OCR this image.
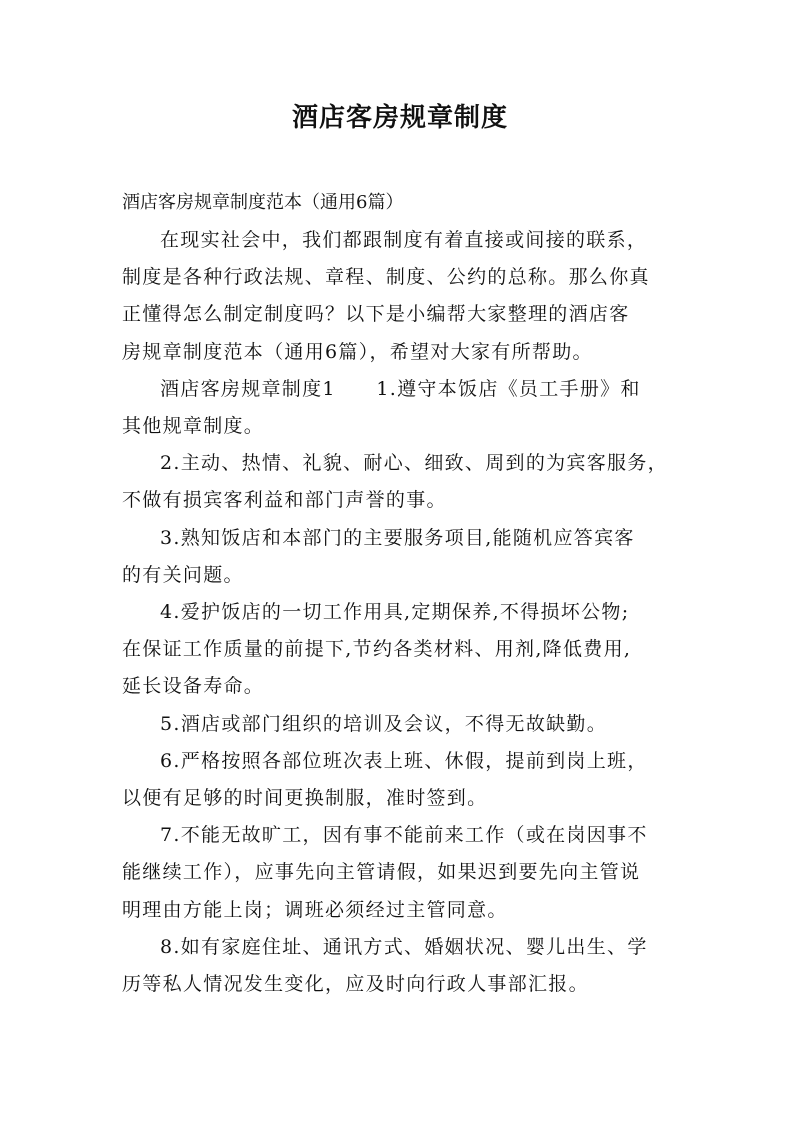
酒店客房规章制度

酒店客房规章制度范本（通用6篇）

在现实社会中，我们都跟制度有着直接或间接的联系，
制度是各种行政法规、章程、制度、公约的总称。那么你真
正懂得怎么制定制度吗？以下是小编帮大家整理的酒店客
房规章制度范本（通用6篇），希望对大家有所帮助。

酒店客房规章制度1　　1.遵守本饭店《员工手册》和
其他规章制度。

2.主动、热情、礼貌、耐心、细致、周到的为宾客服务，
不做有损宾客利益和部门声誉的事。

3.熟知饭店和本部门的主要服务项目,能随机应答宾客
的有关问题。

4.爱护饭店的一切工作用具,定期保养,不得损坏公物;
在保证工作质量的前提下,节约各类材料、用剂,降低费用,
延长设备寿命。

5.酒店或部门组织的培训及会议，不得无故缺勤。

6.严格按照各部位班次表上班、休假，提前到岗上班，
以便有足够的时间更换制服，准时签到。

7.不能无故旷工，因有事不能前来工作（或在岗因事不
能继续工作），应事先向主管请假，如果迟到要先向主管说
明理由方能上岗；调班必须经过主管同意。

8.如有家庭住址、通讯方式、婚姻状况、婴儿出生、学
历等私人情况发生变化，应及时向行政人事部汇报。
